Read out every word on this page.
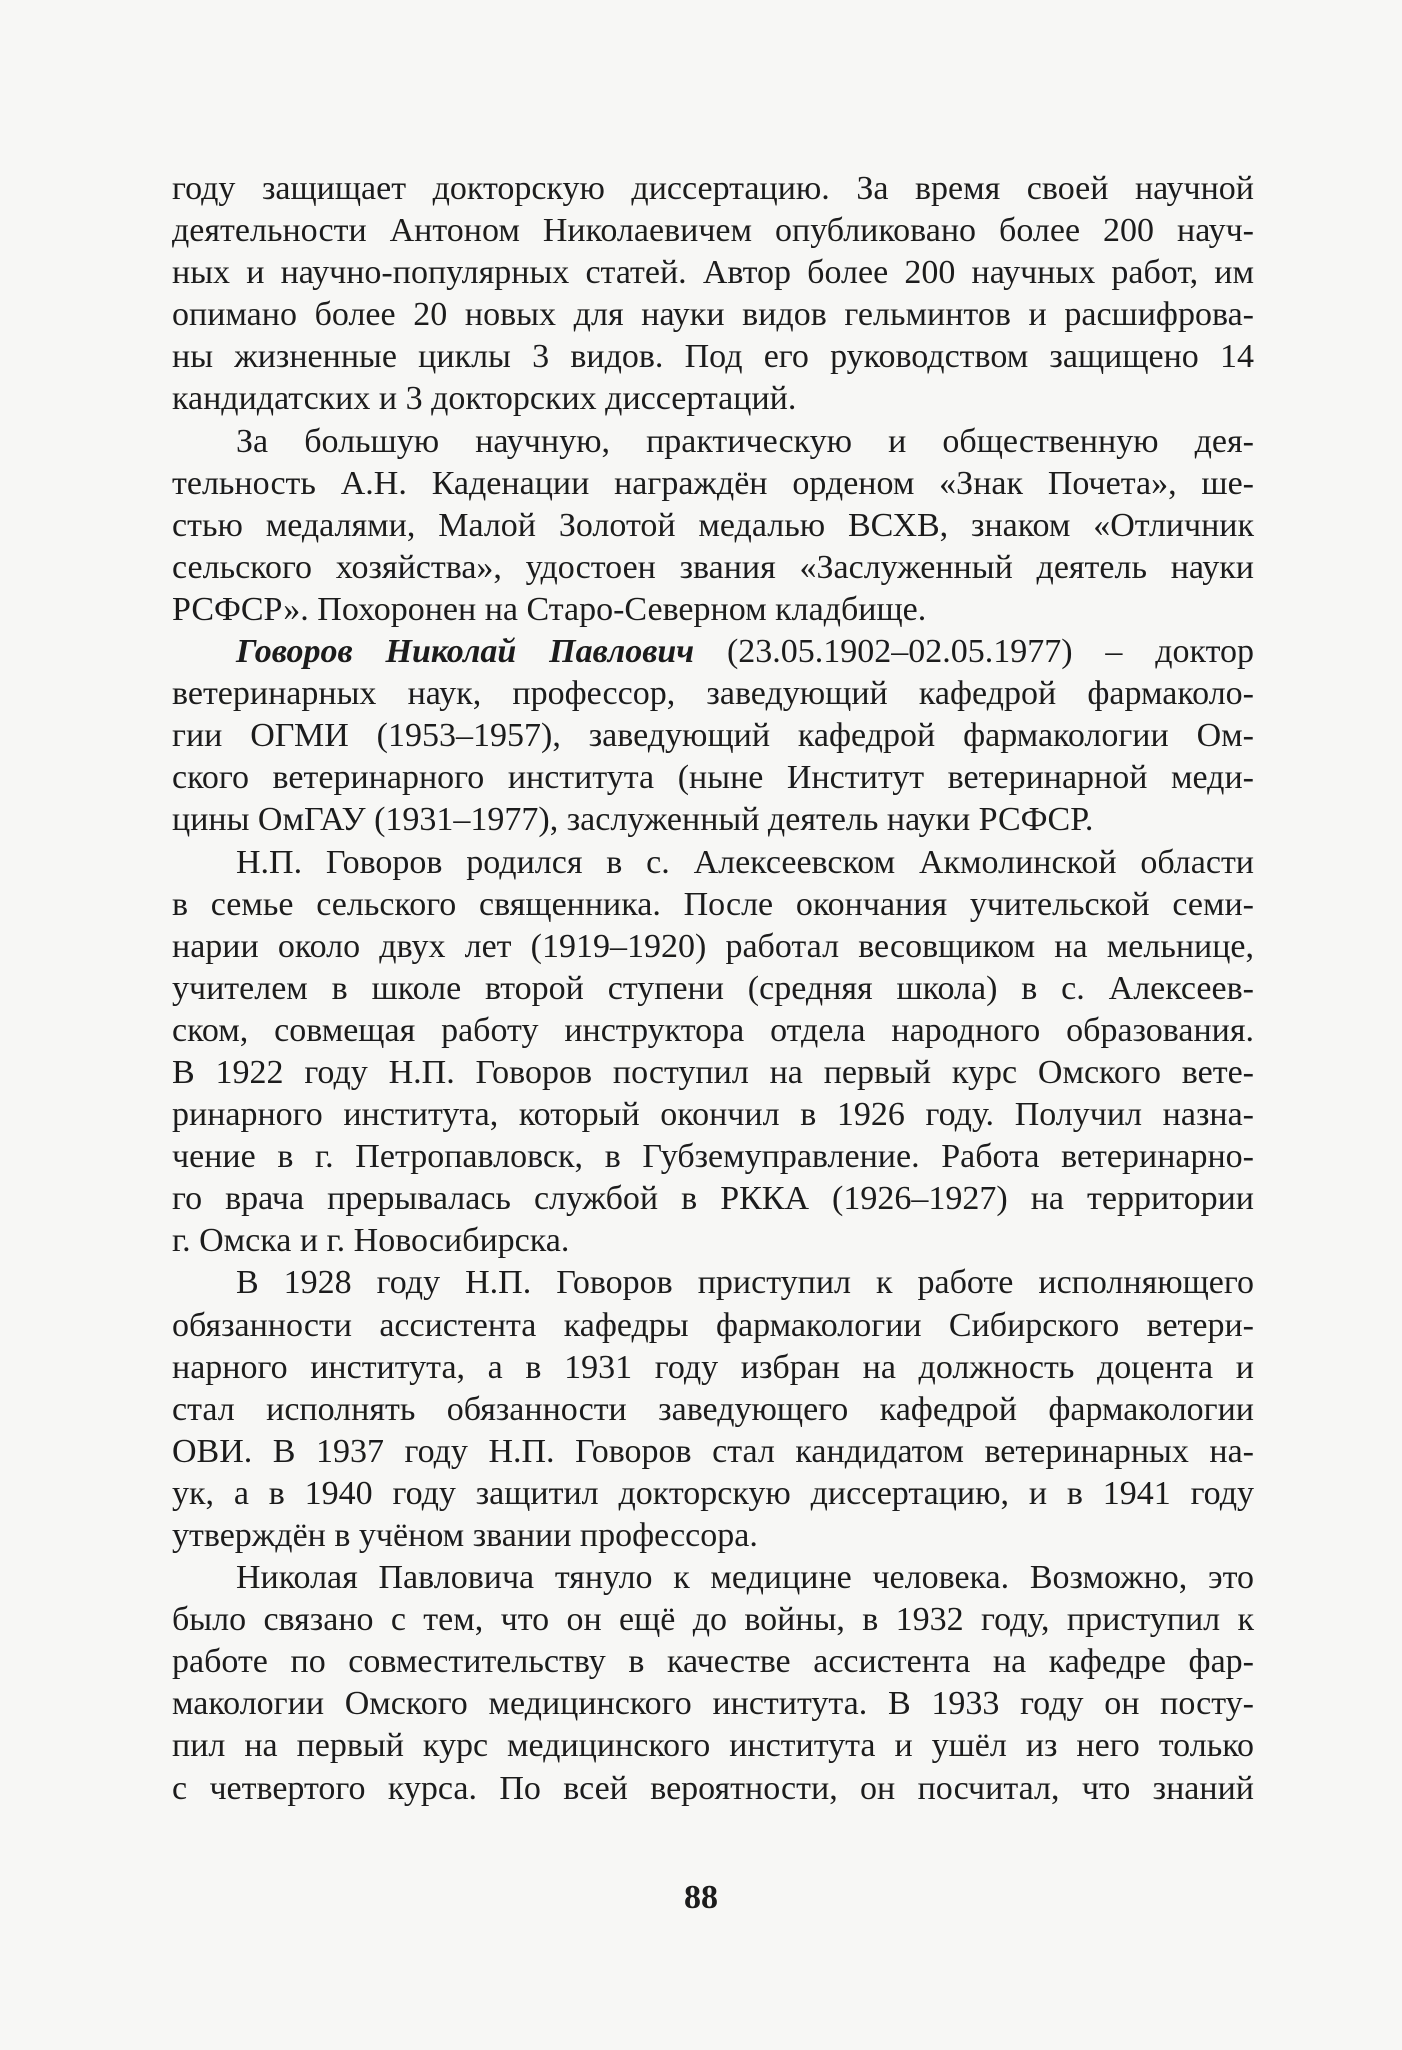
году защищает докторскую диссертацию. За время своей научной
деятельности Антоном Николаевичем опубликовано более 200 науч-
ных и научно-популярных статей. Автор более 200 научных работ, им
опимано более 20 новых для науки видов гельминтов и расшифрова-
ны жизненные циклы 3 видов. Под его руководством защищено 14
кандидатских и 3 докторских диссертаций.
За большую научную, практическую и общественную дея-
тельность А.Н. Каденации награждён орденом «Знак Почета», ше-
стью медалями, Малой Золотой медалью ВСХВ, знаком «Отличник
сельского хозяйства», удостоен звания «Заслуженный деятель науки
РСФСР». Похоронен на Старо-Северном кладбище.
Говоров Николай Павлович (23.05.1902–02.05.1977) – доктор
ветеринарных наук, профессор, заведующий кафедрой фармаколо-
гии ОГМИ (1953–1957), заведующий кафедрой фармакологии Ом-
ского ветеринарного института (ныне Институт ветеринарной меди-
цины ОмГАУ (1931–1977), заслуженный деятель науки РСФСР.
Н.П. Говоров родился в с. Алексеевском Акмолинской области
в семье сельского священника. После окончания учительской семи-
нарии около двух лет (1919–1920) работал весовщиком на мельнице,
учителем в школе второй ступени (средняя школа) в с. Алексеев-
ском, совмещая работу инструктора отдела народного образования.
В 1922 году Н.П. Говоров поступил на первый курс Омского вете-
ринарного института, который окончил в 1926 году. Получил назна-
чение в г. Петропавловск, в Губземуправление. Работа ветеринарно-
го врача прерывалась службой в РККА (1926–1927) на территории
г. Омска и г. Новосибирска.
В 1928 году Н.П. Говоров приступил к работе исполняющего
обязанности ассистента кафедры фармакологии Сибирского ветери-
нарного института, а в 1931 году избран на должность доцента и
стал исполнять обязанности заведующего кафедрой фармакологии
ОВИ. В 1937 году Н.П. Говоров стал кандидатом ветеринарных на-
ук, а в 1940 году защитил докторскую диссертацию, и в 1941 году
утверждён в учёном звании профессора.
Николая Павловича тянуло к медицине человека. Возможно, это
было связано с тем, что он ещё до войны, в 1932 году, приступил к
работе по совместительству в качестве ассистента на кафедре фар-
макологии Омского медицинского института. В 1933 году он посту-
пил на первый курс медицинского института и ушёл из него только
с четвертого курса. По всей вероятности, он посчитал, что знаний
88
